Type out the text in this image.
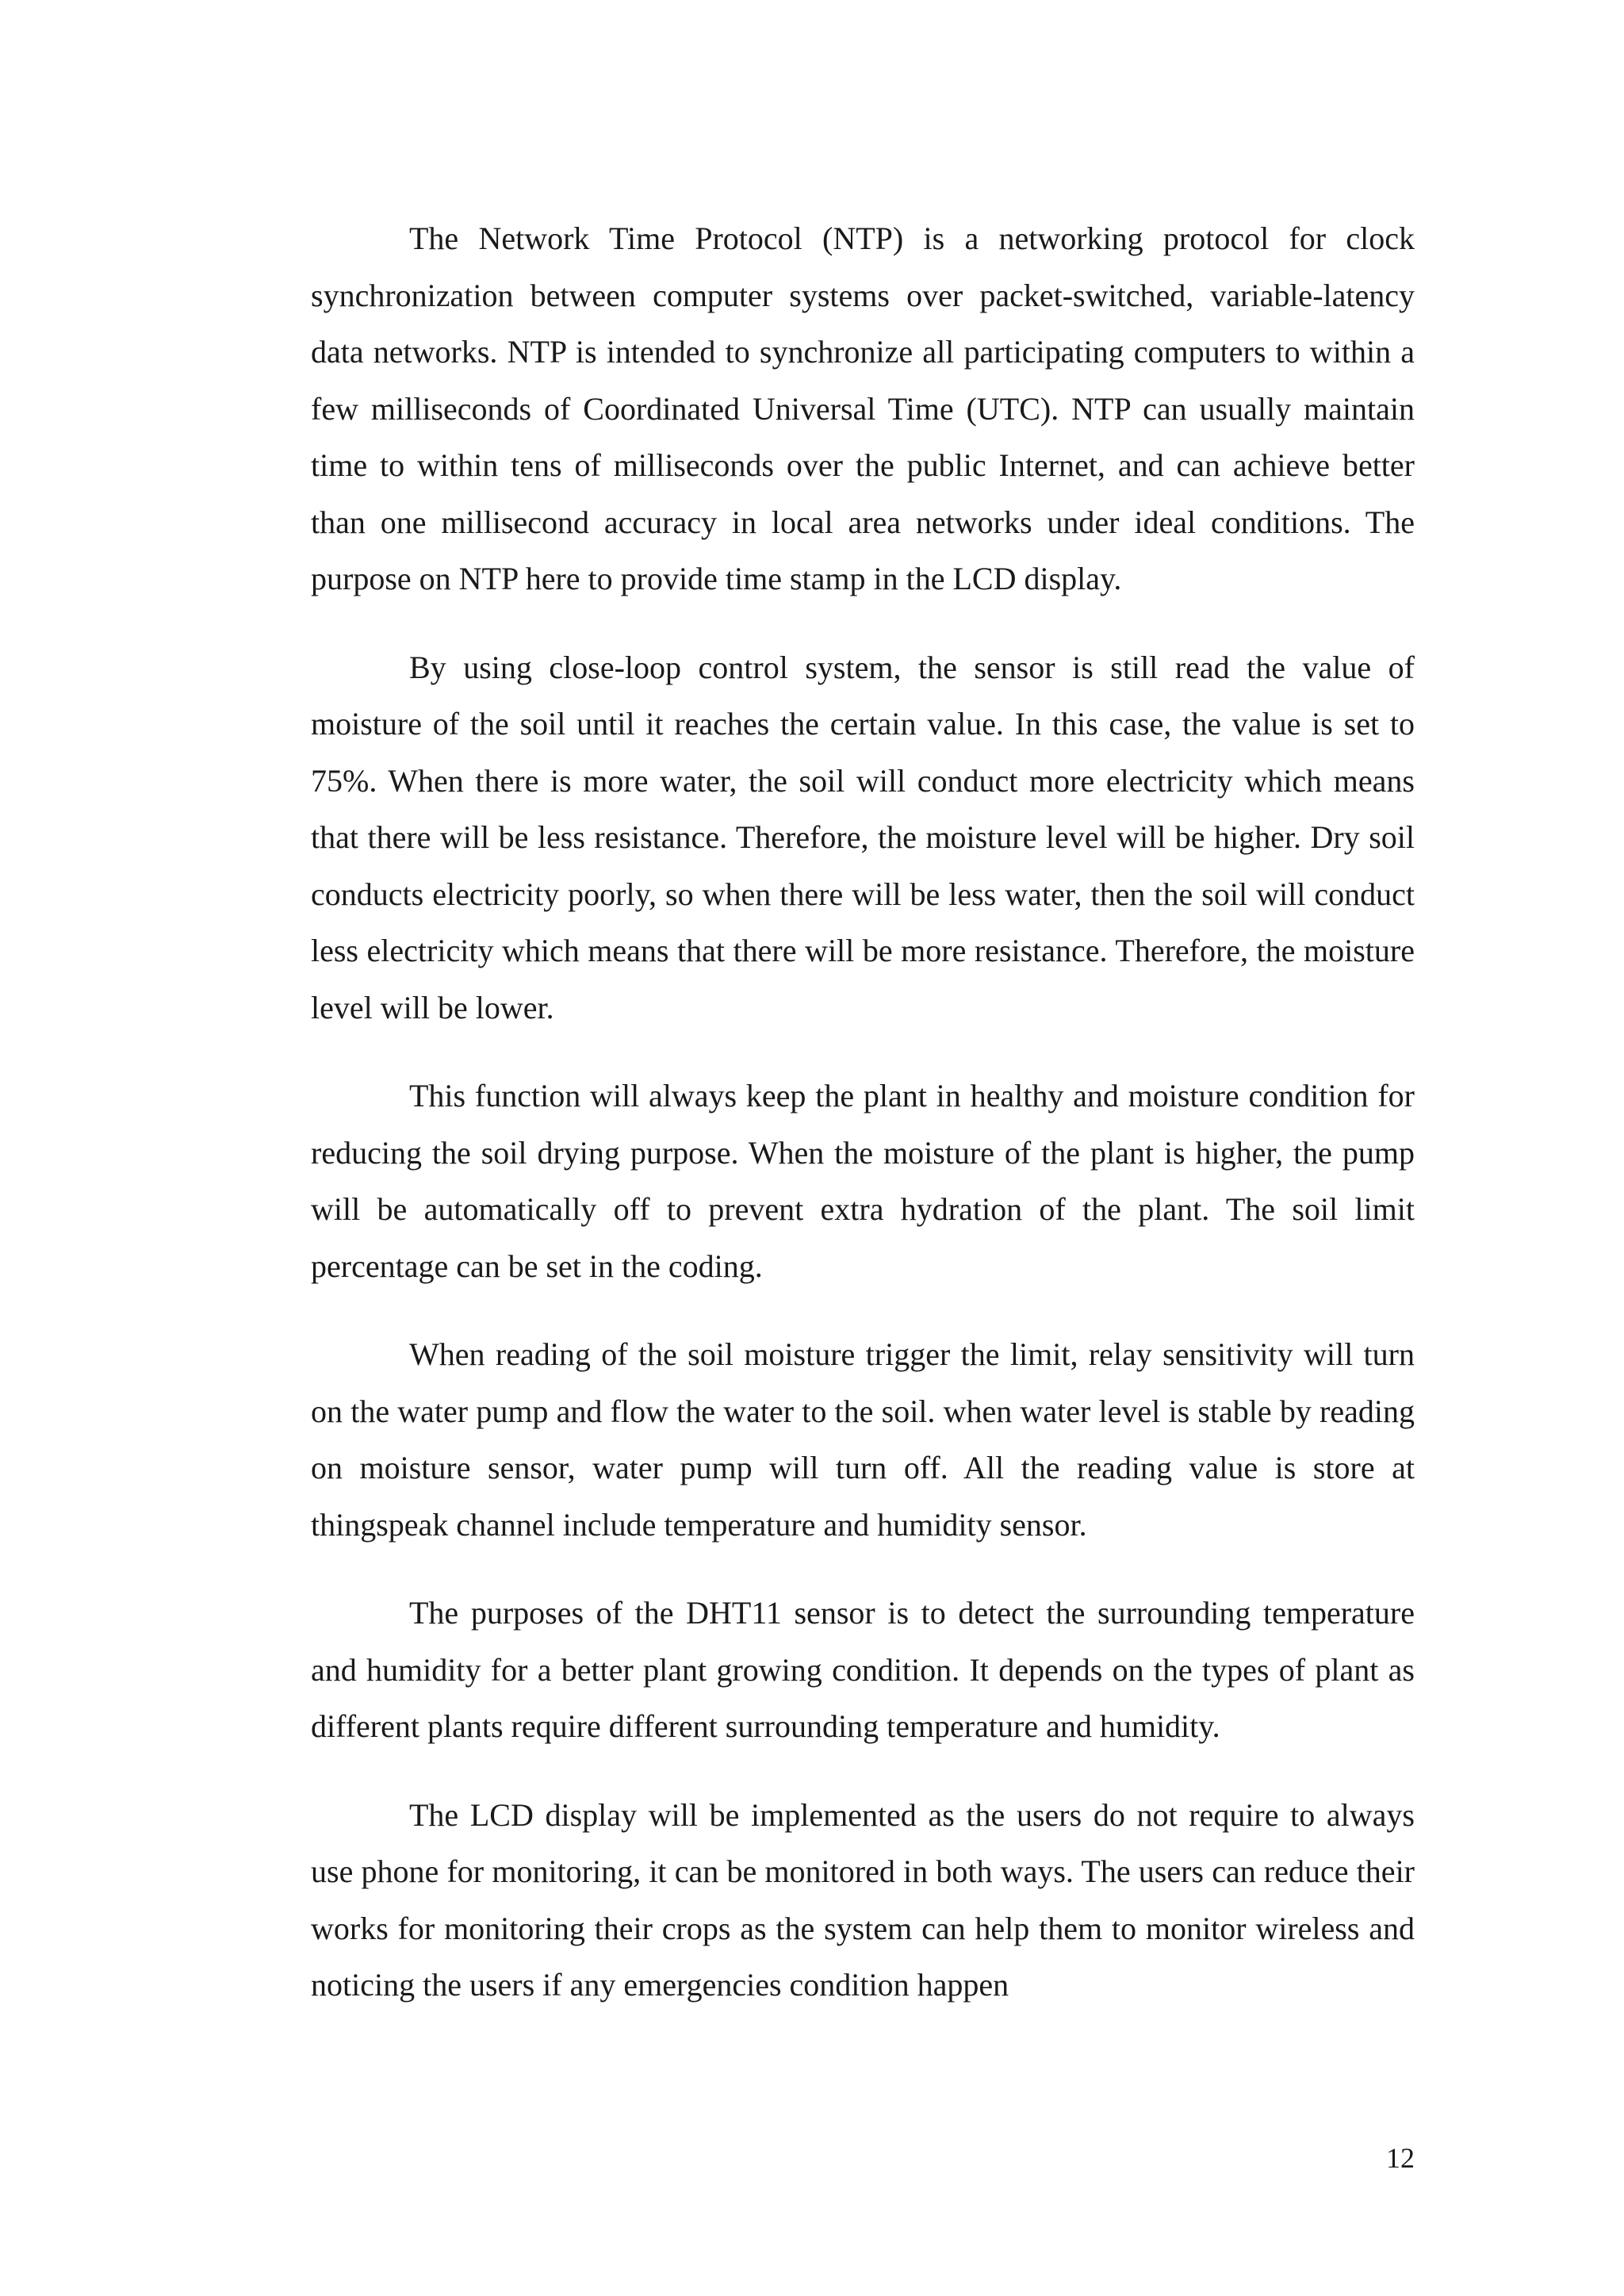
The Network Time Protocol (NTP) is a networking protocol for clock synchronization between computer systems over packet-switched, variable-latency data networks. NTP is intended to synchronize all participating computers to within a few milliseconds of Coordinated Universal Time (UTC). NTP can usually maintain time to within tens of milliseconds over the public Internet, and can achieve better than one millisecond accuracy in local area networks under ideal conditions. The purpose on NTP here to provide time stamp in the LCD display.

By using close-loop control system, the sensor is still read the value of moisture of the soil until it reaches the certain value. In this case, the value is set to 75%. When there is more water, the soil will conduct more electricity which means that there will be less resistance. Therefore, the moisture level will be higher. Dry soil conducts electricity poorly, so when there will be less water, then the soil will conduct less electricity which means that there will be more resistance. Therefore, the moisture level will be lower.

This function will always keep the plant in healthy and moisture condition for reducing the soil drying purpose. When the moisture of the plant is higher, the pump will be automatically off to prevent extra hydration of the plant. The soil limit percentage can be set in the coding.

When reading of the soil moisture trigger the limit, relay sensitivity will turn on the water pump and flow the water to the soil. when water level is stable by reading on moisture sensor, water pump will turn off. All the reading value is store at thingspeak channel include temperature and humidity sensor.

The purposes of the DHT11 sensor is to detect the surrounding temperature and humidity for a better plant growing condition. It depends on the types of plant as different plants require different surrounding temperature and humidity.

The LCD display will be implemented as the users do not require to always use phone for monitoring, it can be monitored in both ways. The users can reduce their works for monitoring their crops as the system can help them to monitor wireless and noticing the users if any emergencies condition happen

12
